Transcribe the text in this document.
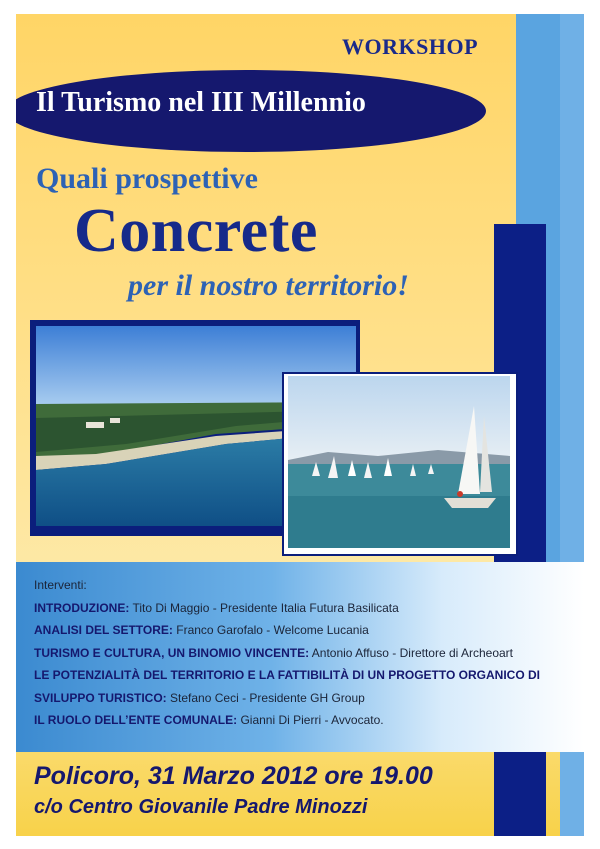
WORKSHOP
Il Turismo nel III Millennio
Quali prospettive
Concrete
per il nostro territorio!
Interventi:
INTRODUZIONE: Tito Di Maggio - Presidente Italia Futura Basilicata
ANALISI DEL SETTORE: Franco Garofalo - Welcome Lucania
TURISMO E CULTURA, UN BINOMIO VINCENTE: Antonio Affuso - Direttore di Archeoart
LE POTENZIALITÀ DEL TERRITORIO E LA FATTIBILITÀ DI UN PROGETTO ORGANICO DI
SVILUPPO TURISTICO: Stefano Ceci - Presidente GH Group
IL RUOLO DELL’ENTE COMUNALE: Gianni Di Pierri - Avvocato.
Policoro, 31 Marzo 2012 ore 19.00
c/o Centro Giovanile Padre Minozzi
